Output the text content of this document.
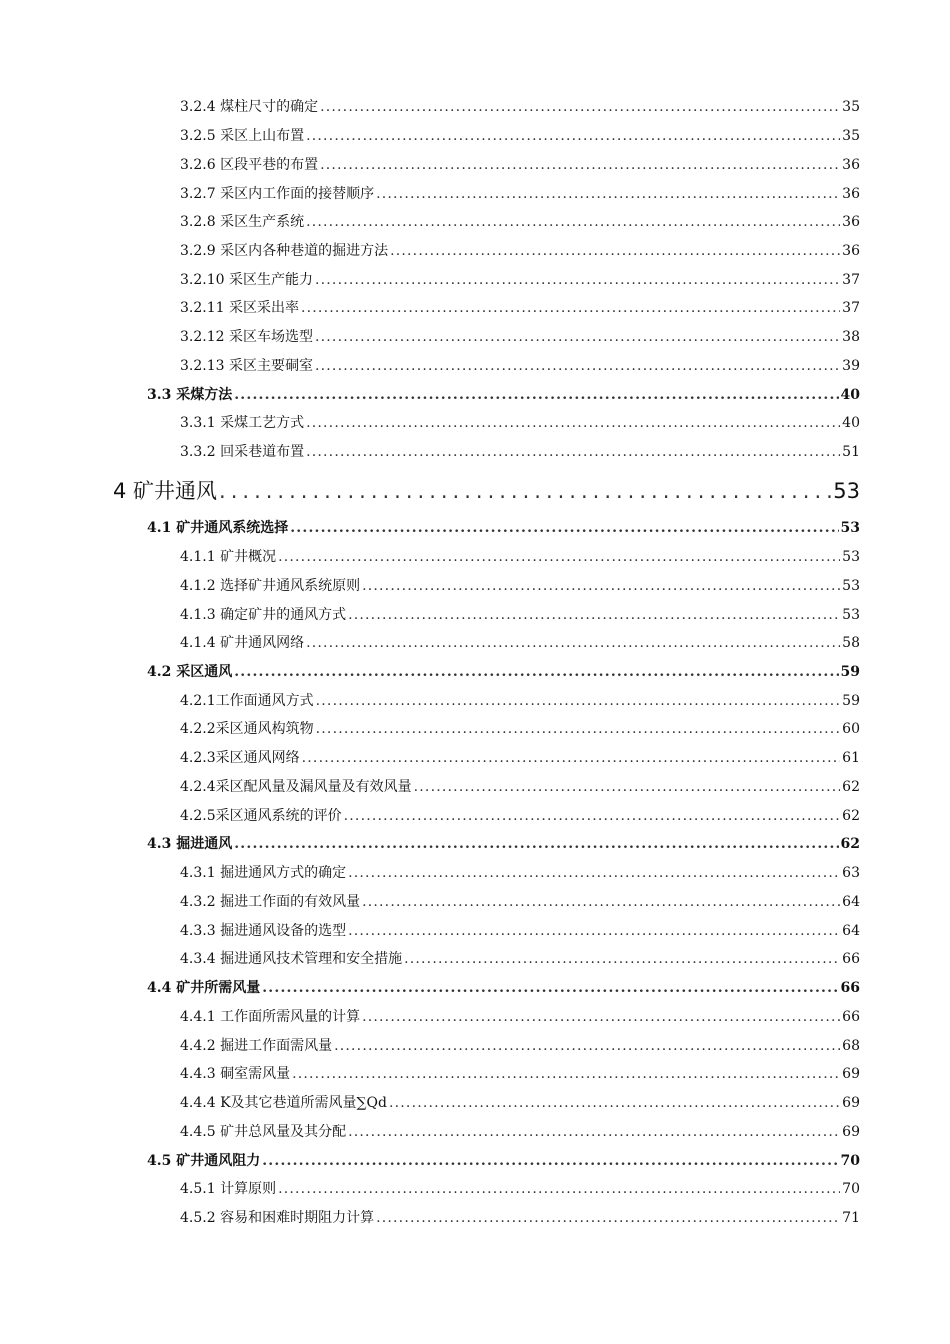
3.2.4 煤柱尺寸的确定 .....	35
3.2.5 采区上山布置 .....	35
3.2.6 区段平巷的布置 .....	36
3.2.7 采区内工作面的接替顺序 .....	36
3.2.8 采区生产系统 .....	36
3.2.9 采区内各种巷道的掘进方法 .....	36
3.2.10 采区生产能力 .....	37
3.2.11 采区采出率 .....	37
3.2.12 采区车场选型 .....	38
3.2.13 采区主要硐室 .....	39
3.3 采煤方法 .....	40
3.3.1 采煤工艺方式 .....	40
3.3.2 回采巷道布置 .....	51
4 矿井通风 .....	53
4.1 矿井通风系统选择 .....	53
4.1.1 矿井概况 .....	53
4.1.2 选择矿井通风系统原则 .....	53
4.1.3 确定矿井的通风方式 .....	53
4.1.4 矿井通风网络 .....	58
4.2 采区通风 .....	59
4.2.1工作面通风方式 .....	59
4.2.2采区通风构筑物 .....	60
4.2.3采区通风网络 .....	61
4.2.4采区配风量及漏风量及有效风量 .....	62
4.2.5采区通风系统的评价 .....	62
4.3 掘进通风 .....	62
4.3.1 掘进通风方式的确定 .....	63
4.3.2 掘进工作面的有效风量 .....	64
4.3.3 掘进通风设备的选型 .....	64
4.3.4 掘进通风技术管理和安全措施 .....	66
4.4 矿井所需风量 .....	66
4.4.1 工作面所需风量的计算 .....	66
4.4.2 掘进工作面需风量 .....	68
4.4.3 硐室需风量 .....	69
4.4.4 K及其它巷道所需风量∑Qd .....	69
4.4.5 矿井总风量及其分配 .....	69
4.5 矿井通风阻力 .....	70
4.5.1 计算原则 .....	70
4.5.2 容易和困难时期阻力计算 .....	71
